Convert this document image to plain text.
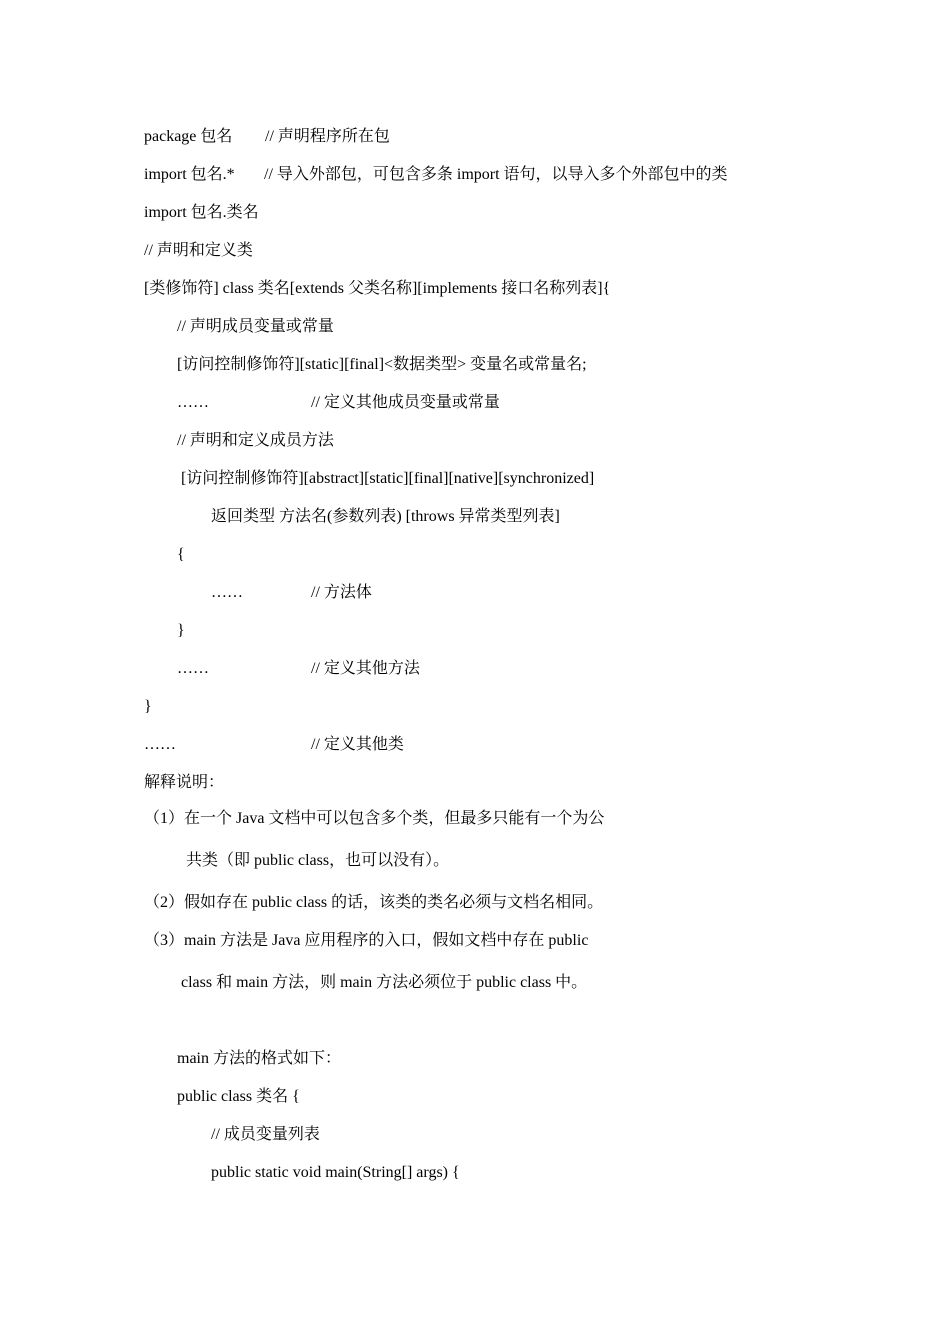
package 包名 // 声明程序所在包
import 包名.* // 导入外部包，可包含多条 import 语句，以导入多个外部包中的类
import 包名.类名
// 声明和定义类
[类修饰符] class 类名[extends 父类名称][implements 接口名称列表]{
// 声明成员变量或常量
[访问控制修饰符][static][final]<数据类型> 变量名或常量名;
……	// 定义其他成员变量或常量
// 声明和定义成员方法
[访问控制修饰符][abstract][static][final][native][synchronized]
返回类型 方法名(参数列表) [throws 异常类型列表]
{
……	// 方法体
}
……	// 定义其他方法
}
……	// 定义其他类
解释说明：
（1）在一个 Java 文档中可以包含多个类，但最多只能有一个为公
共类（即 public class，也可以没有）。
（2）假如存在 public class 的话，该类的类名必须与文档名相同。
（3）main 方法是 Java 应用程序的入口，假如文档中存在 public
class 和 main 方法，则 main 方法必须位于 public class 中。
main 方法的格式如下：
public class 类名 {
// 成员变量列表
public static void main(String[] args) {
